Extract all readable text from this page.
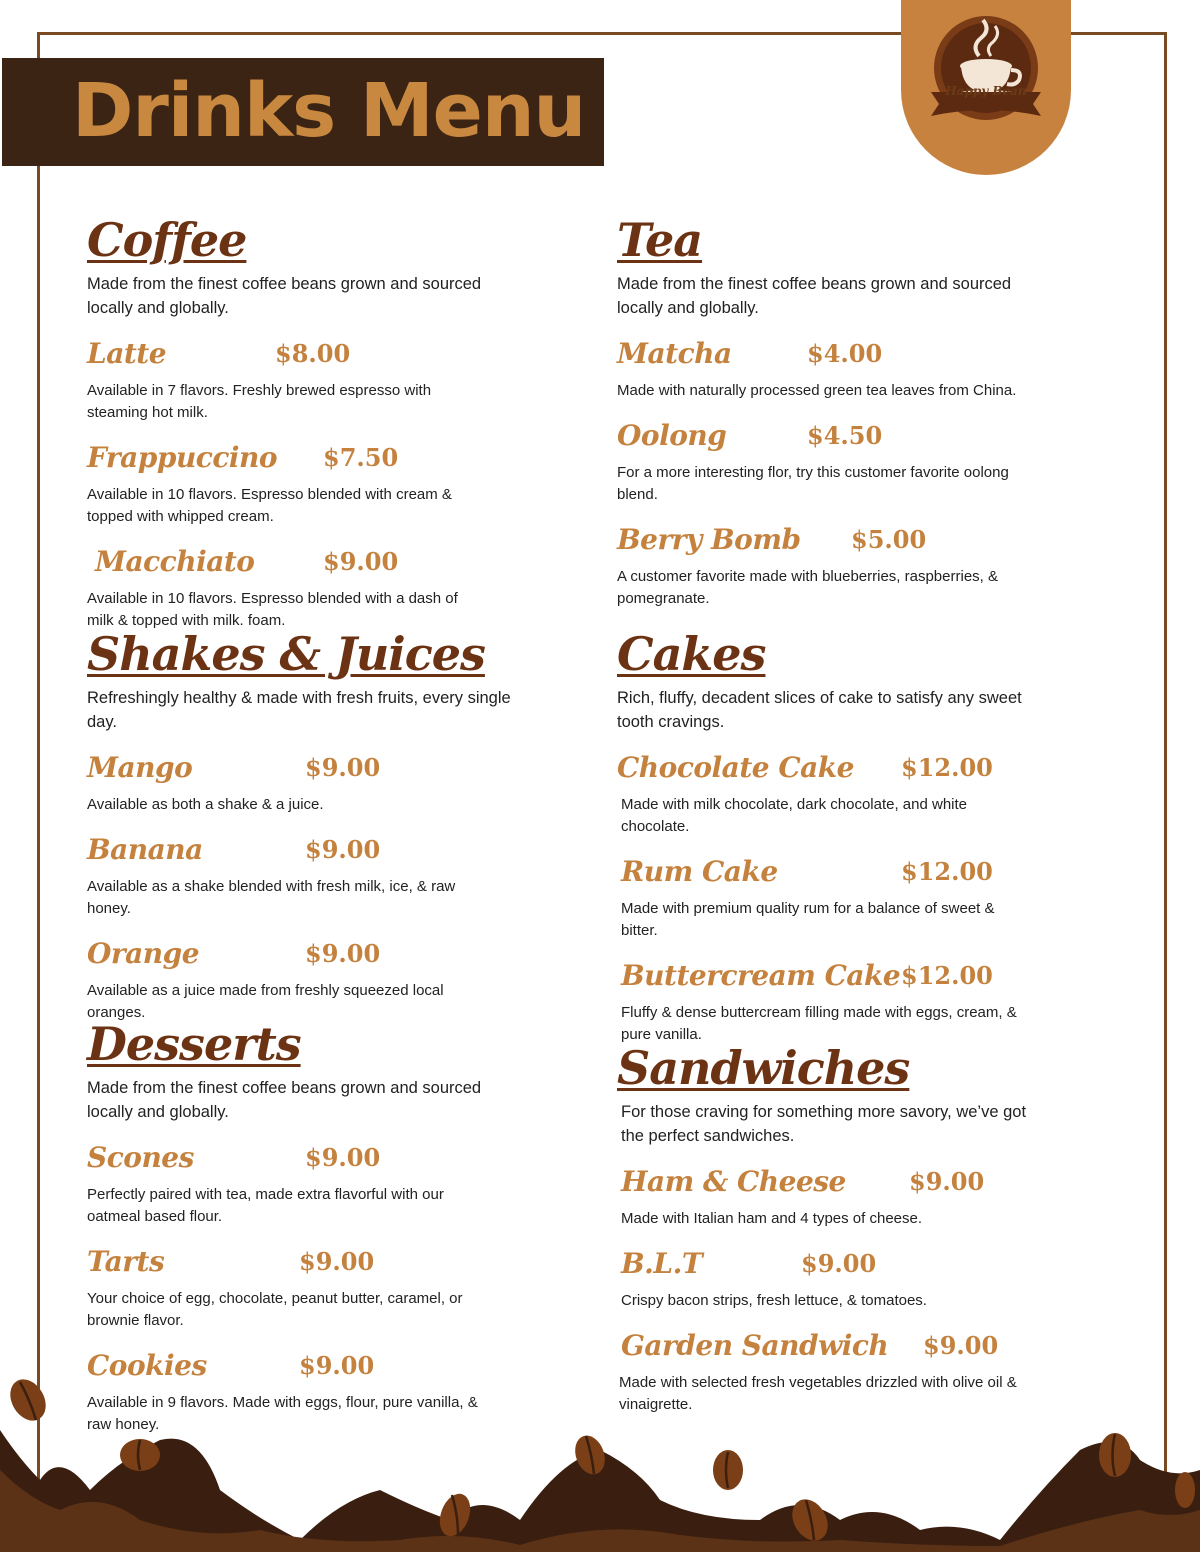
Drinks Menu	Happy Bean
Coffee
Made from the finest coffee beans grown and sourced locally and globally.
Latte	$8.00
Available in 7 flavors. Freshly brewed espresso with steaming hot milk.
Frappuccino $7.50
Available in 10 flavors. Espresso blended with cream & topped with whipped cream.
Macchiato	$9.00
Available in 10 flavors. Espresso blended with a dash of milk & topped with milk. foam.
Shakes & Juices
Refreshingly healthy & made with fresh fruits, every single day.
Mango	$9.00
Available as both a shake & a juice.
Banana	$9.00
Available as a shake blended with fresh milk, ice, & raw honey.
Orange	$9.00
Available as a juice made from freshly squeezed local oranges.
Desserts
Made from the finest coffee beans grown and sourced locally and globally.
Scones	$9.00
Perfectly paired with tea, made extra flavorful with our oatmeal based flour.
Tarts	$9.00
Your choice of egg, chocolate, peanut butter, caramel, or brownie flavor.
Cookies	$9.00
Available in 9 flavors. Made with eggs, flour, pure vanilla, & raw honey.
Tea
Made from the finest coffee beans grown and sourced locally and globally.
Matcha	$4.00
Made with naturally processed green tea leaves from China.
Oolong	$4.50
For a more interesting flor, try this customer favorite oolong blend.
Berry Bomb $5.00
A customer favorite made with blueberries, raspberries, & pomegranate.
Cakes
Rich, fluffy, decadent slices of cake to satisfy any sweet tooth cravings.
Chocolate Cake $12.00
Made with milk chocolate, dark chocolate, and white chocolate.
Rum Cake	$12.00
Made with premium quality rum for a balance of sweet & bitter.
Buttercream Cake $12.00
Fluffy & dense buttercream filling made with eggs, cream, & pure vanilla.
Sandwiches
For those craving for something more savory, we’ve got the perfect sandwiches.
Ham & Cheese	$9.00
Made with Italian ham and 4 types of cheese.
B.L.T	$9.00
Crispy bacon strips, fresh lettuce, & tomatoes.
Garden Sandwich $9.00
Made with selected fresh vegetables drizzled with olive oil & vinaigrette.
